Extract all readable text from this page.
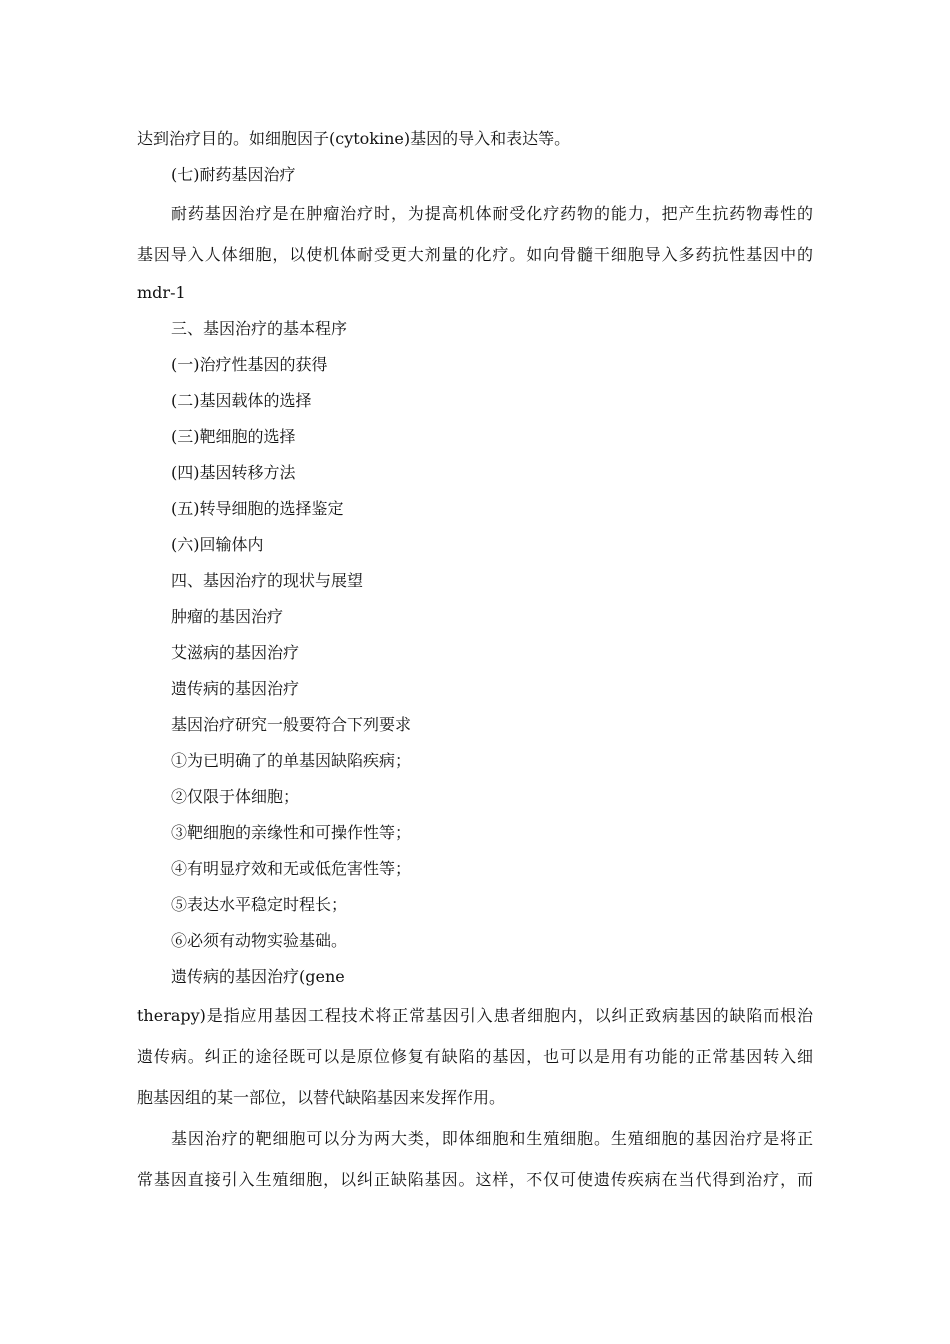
达到治疗目的。如细胞因子(cytokine)基因的导入和表达等。
(七)耐药基因治疗
耐药基因治疗是在肿瘤治疗时，为提高机体耐受化疗药物的能力，把产生抗药物毒性的
基因导入人体细胞，以使机体耐受更大剂量的化疗。如向骨髓干细胞导入多药抗性基因中的
mdr-1
三、基因治疗的基本程序
(一)治疗性基因的获得
(二)基因载体的选择
(三)靶细胞的选择
(四)基因转移方法
(五)转导细胞的选择鉴定
(六)回输体内
四、基因治疗的现状与展望
肿瘤的基因治疗
艾滋病的基因治疗
遗传病的基因治疗
基因治疗研究一般要符合下列要求
①为已明确了的单基因缺陷疾病；
②仅限于体细胞；
③靶细胞的亲缘性和可操作性等；
④有明显疗效和无或低危害性等；
⑤表达水平稳定时程长；
⑥必须有动物实验基础。
遗传病的基因治疗(gene
therapy)是指应用基因工程技术将正常基因引入患者细胞内，以纠正致病基因的缺陷而根治
遗传病。纠正的途径既可以是原位修复有缺陷的基因，也可以是用有功能的正常基因转入细
胞基因组的某一部位，以替代缺陷基因来发挥作用。
基因治疗的靶细胞可以分为两大类，即体细胞和生殖细胞。生殖细胞的基因治疗是将正
常基因直接引入生殖细胞，以纠正缺陷基因。这样，不仅可使遗传疾病在当代得到治疗，而
